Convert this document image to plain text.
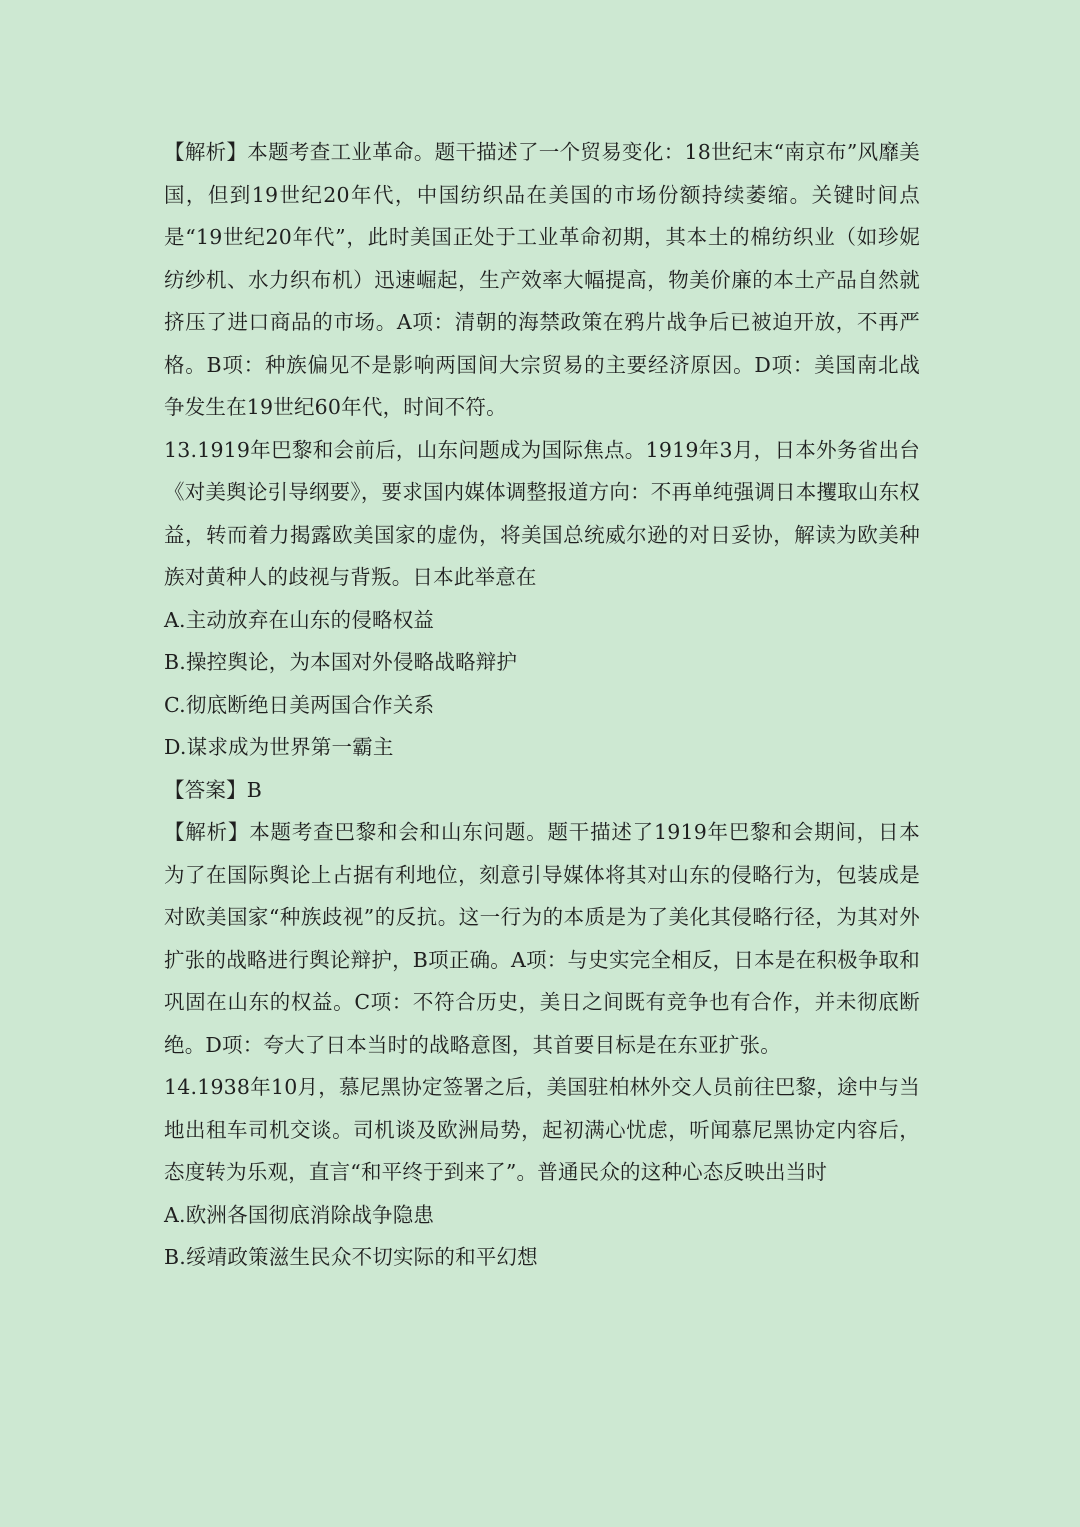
【解析】本题考查工业革命。题干描述了一个贸易变化：18世纪末“南京布”风靡美国，但到19世纪20年代，中国纺织品在美国的市场份额持续萎缩。关键时间点是“19世纪20年代”，此时美国正处于工业革命初期，其本土的棉纺织业（如珍妮纺纱机、水力织布机）迅速崛起，生产效率大幅提高，物美价廉的本土产品自然就挤压了进口商品的市场。A项：清朝的海禁政策在鸦片战争后已被迫开放，不再严格。B项：种族偏见不是影响两国间大宗贸易的主要经济原因。D项：美国南北战争发生在19世纪60年代，时间不符。

13.1919年巴黎和会前后，山东问题成为国际焦点。1919年3月，日本外务省出台《对美舆论引导纲要》，要求国内媒体调整报道方向：不再单纯强调日本攫取山东权益，转而着力揭露欧美国家的虚伪，将美国总统威尔逊的对日妥协，解读为欧美种族对黄种人的歧视与背叛。日本此举意在

A.主动放弃在山东的侵略权益

B.操控舆论，为本国对外侵略战略辩护

C.彻底断绝日美两国合作关系

D.谋求成为世界第一霸主

【答案】B

【解析】本题考查巴黎和会和山东问题。题干描述了1919年巴黎和会期间，日本为了在国际舆论上占据有利地位，刻意引导媒体将其对山东的侵略行为，包装成是对欧美国家“种族歧视”的反抗。这一行为的本质是为了美化其侵略行径，为其对外扩张的战略进行舆论辩护，B项正确。A项：与史实完全相反，日本是在积极争取和巩固在山东的权益。C项：不符合历史，美日之间既有竞争也有合作，并未彻底断绝。D项：夸大了日本当时的战略意图，其首要目标是在东亚扩张。

14.1938年10月，慕尼黑协定签署之后，美国驻柏林外交人员前往巴黎，途中与当地出租车司机交谈。司机谈及欧洲局势，起初满心忧虑，听闻慕尼黑协定内容后，态度转为乐观，直言“和平终于到来了”。普通民众的这种心态反映出当时

A.欧洲各国彻底消除战争隐患

B.绥靖政策滋生民众不切实际的和平幻想
